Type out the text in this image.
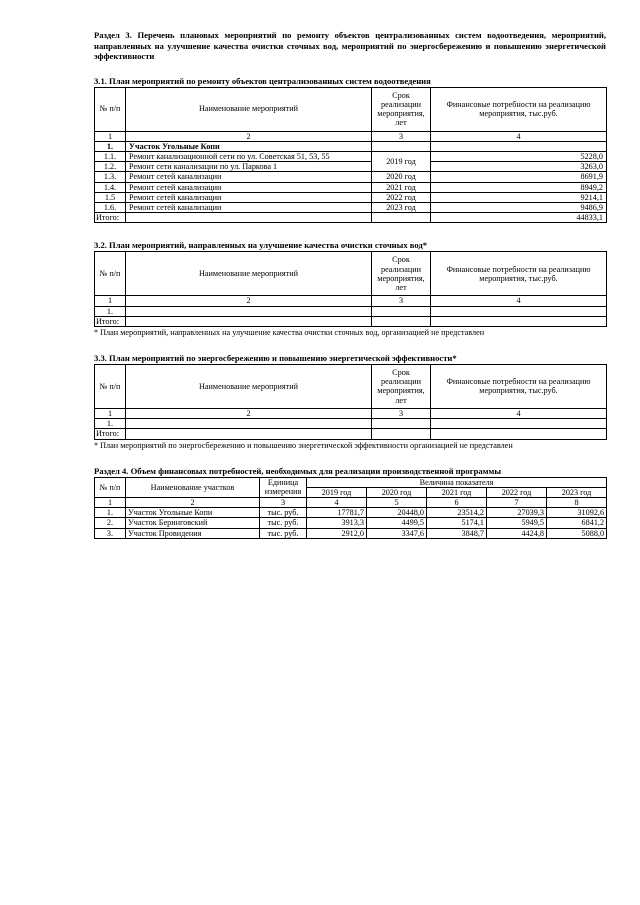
Раздел 3. Перечень плановых мероприятий по ремонту объектов централизованных систем водоотведения, мероприятий, направленных на улучшение качества очистки сточных вод, мероприятий по энергосбережению и повышению энергетической эффективности

3.1. План мероприятий по ремонту объектов централизованных систем водоотведения

№ п/п	Наименование мероприятий	Срок реализации мероприятия, лет	Финансовые потребности на реализацию мероприятия, тыс.руб.
1	2	3	4
1.	Участок Угольные Копи		
1.1.	Ремонт канализационной сети по ул. Советская 51, 53, 55	2019 год	5228,0
1.2.	Ремонт сети канализации по ул. Паркова 1		3263,0
1.3.	Ремонт сетей канализации	2020 год	8691,9
1.4.	Ремонт сетей канализации	2021 год	8949,2
1.5	Ремонт сетей канализации	2022 год	9214,1
1.6.	Ремонт сетей канализации	2023 год	9486,9
Итого:			44833,1

3.2. План мероприятий, направленных на улучшение качества очистки сточных вод*

№ п/п	Наименование мероприятий	Срок реализации мероприятия, лет	Финансовые потребности на реализацию мероприятия, тыс.руб.
1	2	3	4
1.			
Итого:			

* План мероприятий, направленных на улучшение качества очистки сточных вод, организацией не представлен

3.3. План мероприятий по энергосбережению и повышению энергетической эффективности*

№ п/п	Наименование мероприятий	Срок реализации мероприятия, лет	Финансовые потребности на реализацию мероприятия, тыс.руб.
1	2	3	4
1.			
Итого:			

* План мероприятий по энергосбережению и повышению энергетической эффективности организацией не представлен

Раздел 4. Объем финансовых потребностей, необходимых для реализации производственной программы

№ п/п	Наименование участков	Единица измерения	Величина показателя				
			2019 год	2020 год	2021 год	2022 год	2023 год
1	2	3	4	5	6	7	8
1.	Участок Угольные Копи	тыс. руб.	17781,7	20448,0	23514,2	27039,3	31092,6
2.	Участок Беринговский	тыс. руб.	3913,3	4499,5	5174,1	5949,5	6841,2
3.	Участок Провидения	тыс. руб.	2912,0	3347,6	3848,7	4424,8	5088,0
